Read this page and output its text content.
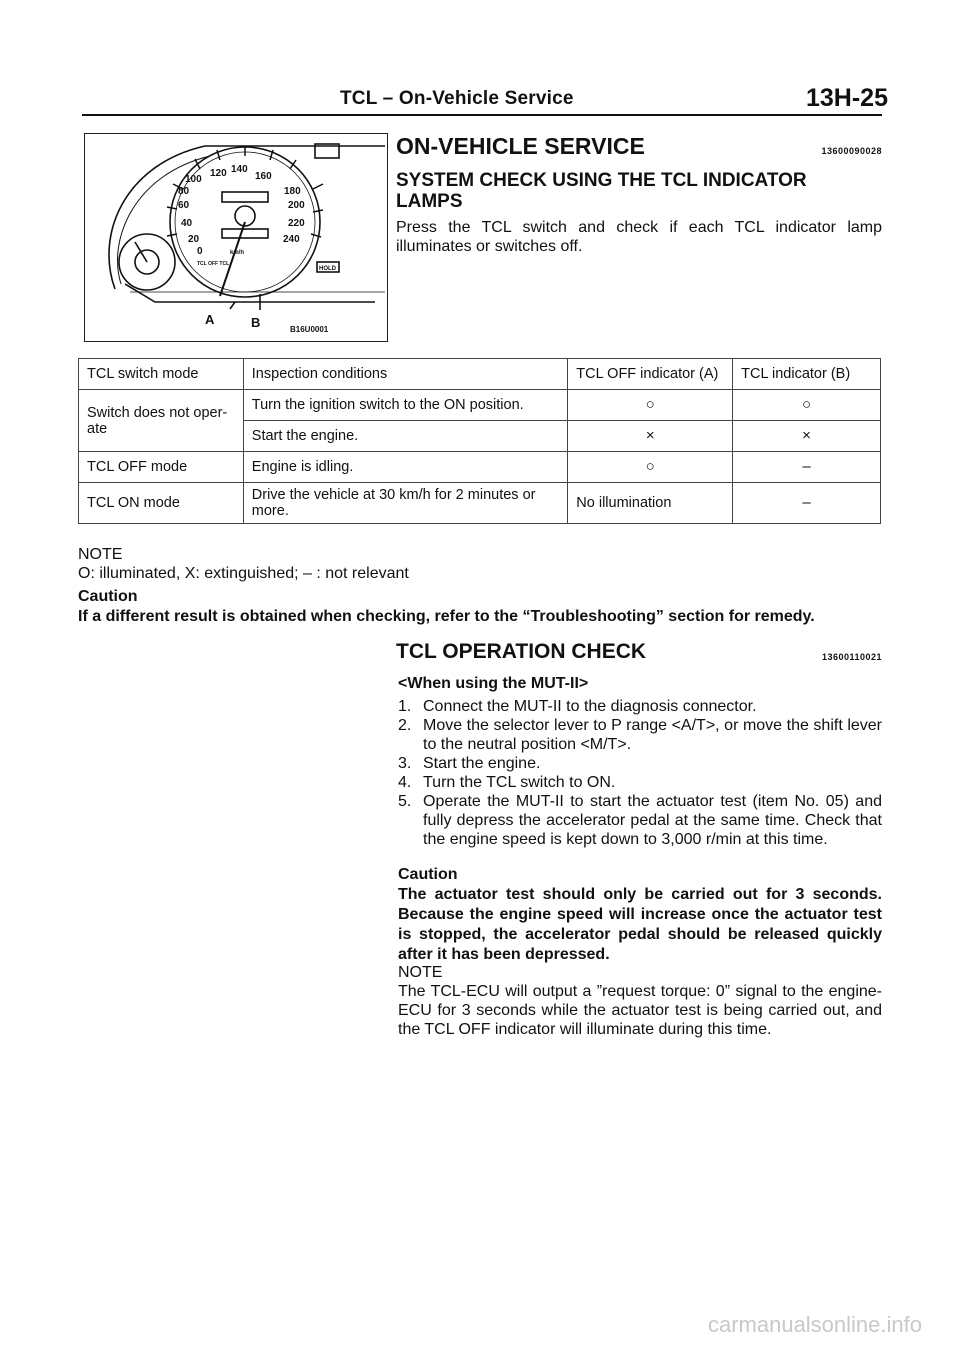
TCL – On-Vehicle Service	13H-25
120 140
100	160
80	180
60	200
40	220
20	240
0	km/h
TCL OFF TCL
HOLD
A	B	B16U0001
ON-VEHICLE SERVICE	13600090028
SYSTEM CHECK USING THE TCL INDICATOR LAMPS
Press the TCL switch and check if each TCL indicator lamp illuminates or switches off.
TCL switch mode	Inspection conditions	TCL OFF indicator (A)	TCL indicator (B)
Switch does not oper- ate	Turn the ignition switch to the ON position.	○	○
	Start the engine.	×	×
TCL OFF mode	Engine is idling.	○	–
TCL ON mode	Drive the vehicle at 30 km/h for 2 minutes or more.	No illumination	–
NOTE
O: illuminated, X: extinguished; – : not relevant
Caution
If a different result is obtained when checking, refer to the “Troubleshooting” section for remedy.
TCL OPERATION CHECK	13600110021
<When using the MUT-II>
1. Connect the MUT-II to the diagnosis connector.
2. Move the selector lever to P range <A/T>, or move the shift lever to the neutral position <M/T>.
3. Start the engine.
4. Turn the TCL switch to ON.
5. Operate the MUT-II to start the actuator test (item No. 05) and fully depress the accelerator pedal at the same time. Check that the engine speed is kept down to 3,000 r/min at this time.
Caution
The actuator test should only be carried out for 3 seconds. Because the engine speed will increase once the actuator test is stopped, the accelerator pedal should be released quickly after it has been depressed.
NOTE
The TCL-ECU will output a ”request torque: 0” signal to the engine-ECU for 3 seconds while the actuator test is being carried out, and the TCL OFF indicator will illuminate during this time.
carmanualsonline.info
